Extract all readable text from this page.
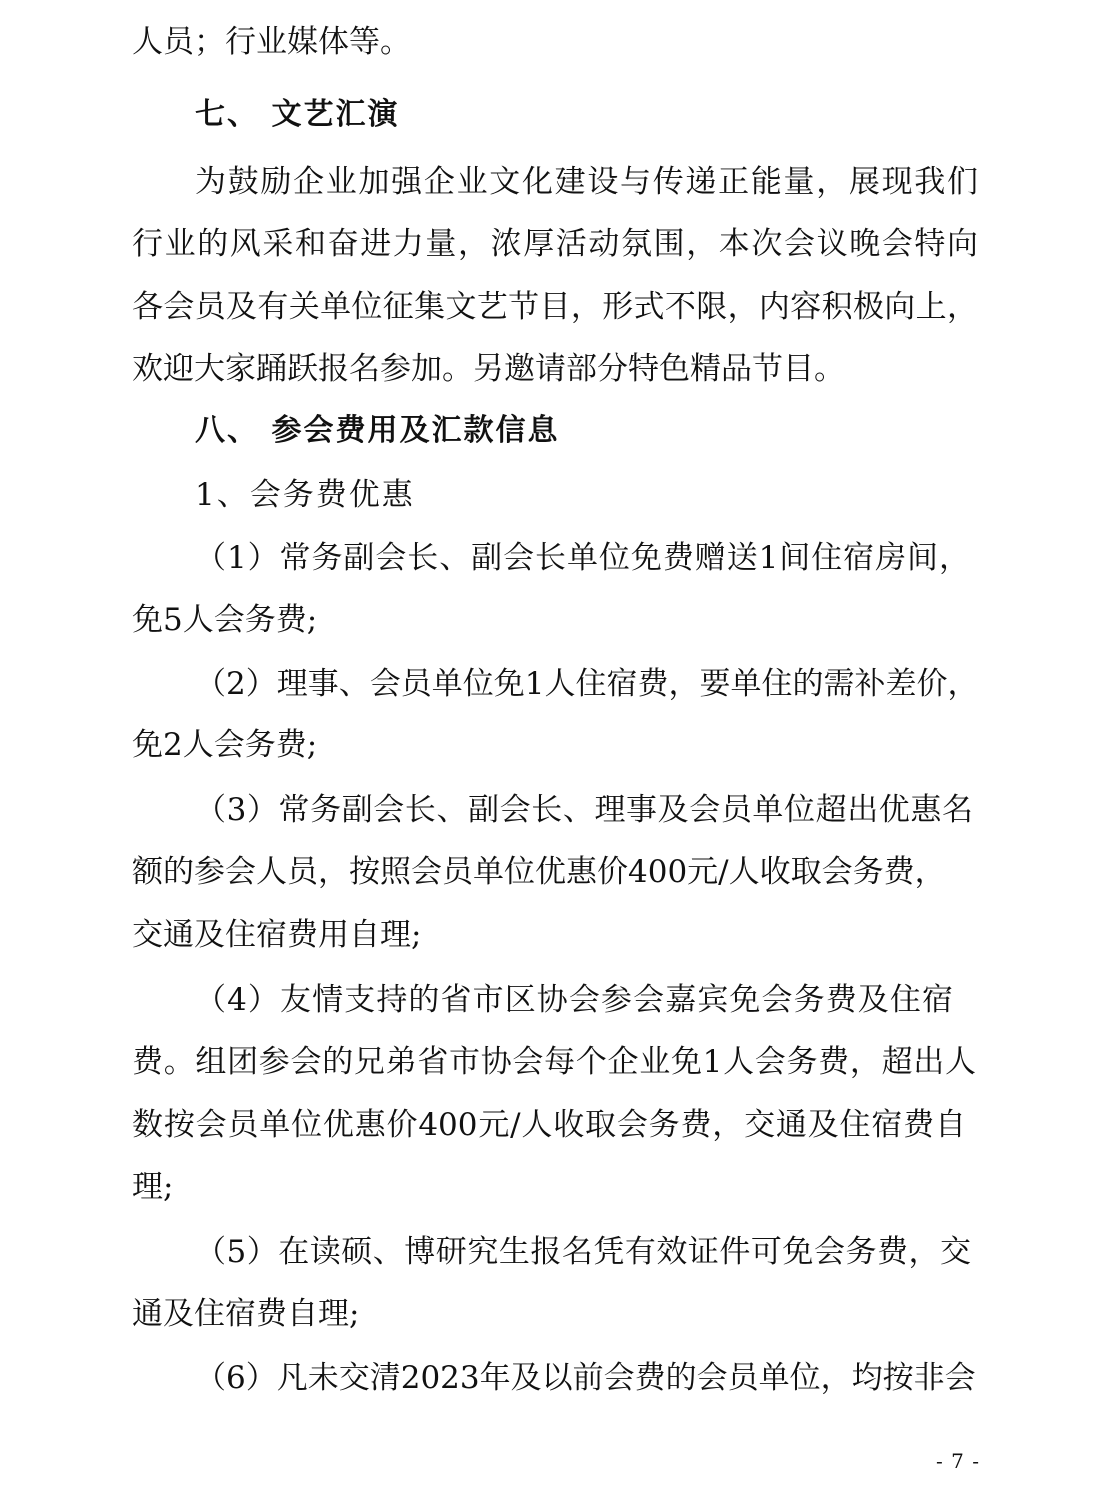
人员；行业媒体等。
七、 文艺汇演
为鼓励企业加强企业文化建设与传递正能量，展现我们
行业的风采和奋进力量，浓厚活动氛围，本次会议晚会特向
各会员及有关单位征集文艺节目，形式不限，内容积极向上，
欢迎大家踊跃报名参加。另邀请部分特色精品节目。
八、 参会费用及汇款信息
1、会务费优惠
（1）常务副会长、副会长单位免费赠送1间住宿房间，
免5人会务费;
（2）理事、会员单位免1人住宿费，要单住的需补差价，
免2人会务费;
（3）常务副会长、副会长、理事及会员单位超出优惠名
额的参会人员，按照会员单位优惠价400元/人收取会务费，
交通及住宿费用自理;
（4）友情支持的省市区协会参会嘉宾免会务费及住宿
费。组团参会的兄弟省市协会每个企业免1人会务费，超出人
数按会员单位优惠价400元/人收取会务费，交通及住宿费自
理;
（5）在读硕、博研究生报名凭有效证件可免会务费，交
通及住宿费自理;
（6）凡未交清2023年及以前会费的会员单位，均按非会
- 7 -
